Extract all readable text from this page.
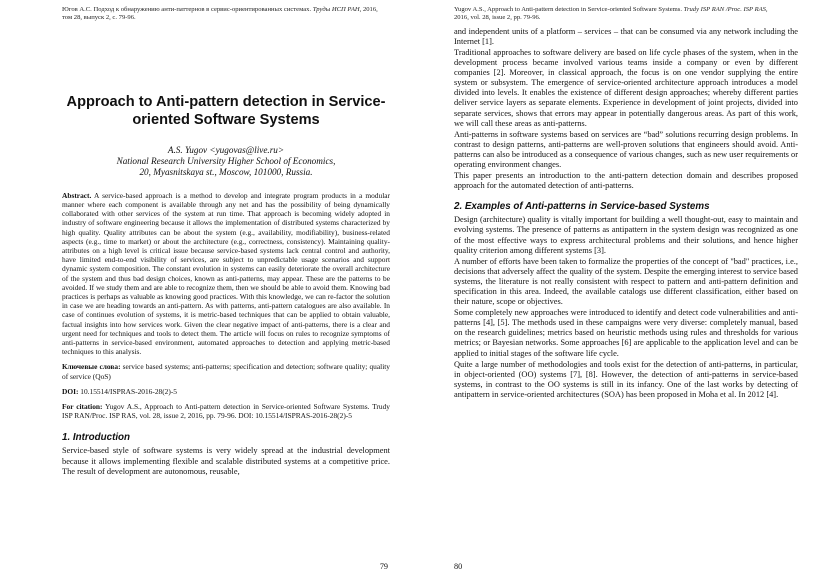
Югов А.С. Подход к обнаружению анти-паттернов в сервис-ориентированных системах. Труды ИСП РАН, 2016,
том 28, выпуск 2, с. 79-96.
Approach to Anti-pattern detection in Service-oriented Software Systems
A.S. Yugov <yugovas@live.ru>
National Research University Higher School of Economics,
20, Myasnitskaya st., Moscow, 101000, Russia.

Abstract. A service-based approach is a method to develop and integrate program products in a modular manner where each component is available through any net and has the possibility of being dynamically collaborated with other services of the system at run time. That approach is becoming widely adopted in industry of software engineering because it allows the implementation of distributed systems characterized by high quality. Quality attributes can be about the system (e.g., availability, modifiability), business-related aspects (e.g., time to market) or about the architecture (e.g., correctness, consistency). Maintaining quality-attributes on a high level is critical issue because service-based systems lack central control and authority, have limited end-to-end visibility of services, are subject to unpredictable usage scenarios and support dynamic system composition. The constant evolution in systems can easily deteriorate the overall architecture of the system and thus bad design choices, known as anti-patterns, may appear. These are the patterns to be avoided. If we study them and are able to recognize them, then we should be able to avoid them. Knowing bad practices is perhaps as valuable as knowing good practices. With this knowledge, we can re-factor the solution in case we are heading towards an anti-pattern. As with patterns, anti-pattern catalogues are also available. In case of continues evolution of systems, it is metric-based techniques that can be applied to obtain valuable, factual insights into how services work. Given the clear negative impact of anti-patterns, there is a clear and urgent need for techniques and tools to detect them. The article will focus on rules to recognize symptoms of anti-patterns in service-based environment, automated approaches to detection and applying metric-based techniques to this analysis.

Ключевые слова: service based systems; anti-patterns; specification and detection; software quality; quality of service (QoS)

DOI: 10.15514/ISPRAS-2016-28(2)-5

For citation: Yugov A.S., Approach to Anti-pattern detection in Service-oriented Software Systems. Trudy ISP RAN/Proc. ISP RAS, vol. 28, issue 2, 2016, pp. 79-96. DOI: 10.15514/ISPRAS-2016-28(2)-5

1. Introduction

Service-based style of software systems is very widely spread at the industrial development because it allows implementing flexible and scalable distributed systems at a competitive price. The result of development are autonomous, reusable,

79
Yugov A.S., Approach to Anti-pattern detection in Service-oriented Software Systems. Trudy ISP RAN /Proc. ISP RAS,
2016, vol. 28, issue 2, pp. 79-96.

and independent units of a platform – services – that can be consumed via any network including the Internet [1].

Traditional approaches to software delivery are based on life cycle phases of the system, when in the development process became involved various teams inside a company or even by different companies [2]. Moreover, in classical approach, the focus is on one vendor supplying the entire system or subsystem. The emergence of service-oriented architecture approach introduces a model divided into levels. It enables the existence of different design approaches; whereby different parties deliver service layers as separate elements. Experience in development of joint projects, divided into separate services, shows that errors may appear in potentially dangerous areas. As part of this work, we will call these areas as anti-patterns.

Anti-patterns in software systems based on services are “bad” solutions recurring design problems. In contrast to design patterns, anti-patterns are well-proven solutions that engineers should avoid. Anti-patterns can also be introduced as a consequence of various changes, such as new user requirements or operating environment changes.

This paper presents an introduction to the anti-pattern detection domain and describes proposed approach for the automated detection of anti-patterns.

2. Examples of Anti-patterns in Service-based Systems

Design (architecture) quality is vitally important for building a well thought-out, easy to maintain and evolving systems. The presence of patterns as antipattern in the system design was recognized as one of the most effective ways to express architectural problems and their solutions, and hence higher quality criterion among different systems [3].

A number of efforts have been taken to formalize the properties of the concept of "bad" practices, i.e., decisions that adversely affect the quality of the system. Despite the emerging interest to service based systems, the literature is not really consistent with respect to pattern and anti-pattern definition and specification in this area. Indeed, the available catalogs use different classification, either based on their nature, scope or objectives.

Some completely new approaches were introduced to identify and detect code vulnerabilities and anti-patterns [4], [5]. The methods used in these campaigns were very diverse: completely manual, based on the research guidelines; metrics based on heuristic methods using rules and thresholds for various metrics; or Bayesian networks. Some approaches [6] are applicable to the application level and can be applied to initial stages of the software life cycle.

Quite a large number of methodologies and tools exist for the detection of anti-patterns, in particular, in object-oriented (OO) systems [7], [8]. However, the detection of anti-patterns in service-based systems, in contrast to the OO systems is still in its infancy. One of the last works by detecting of antipattern in service-oriented architectures (SOA) has been proposed in Moha et al. In 2012 [4].

80
